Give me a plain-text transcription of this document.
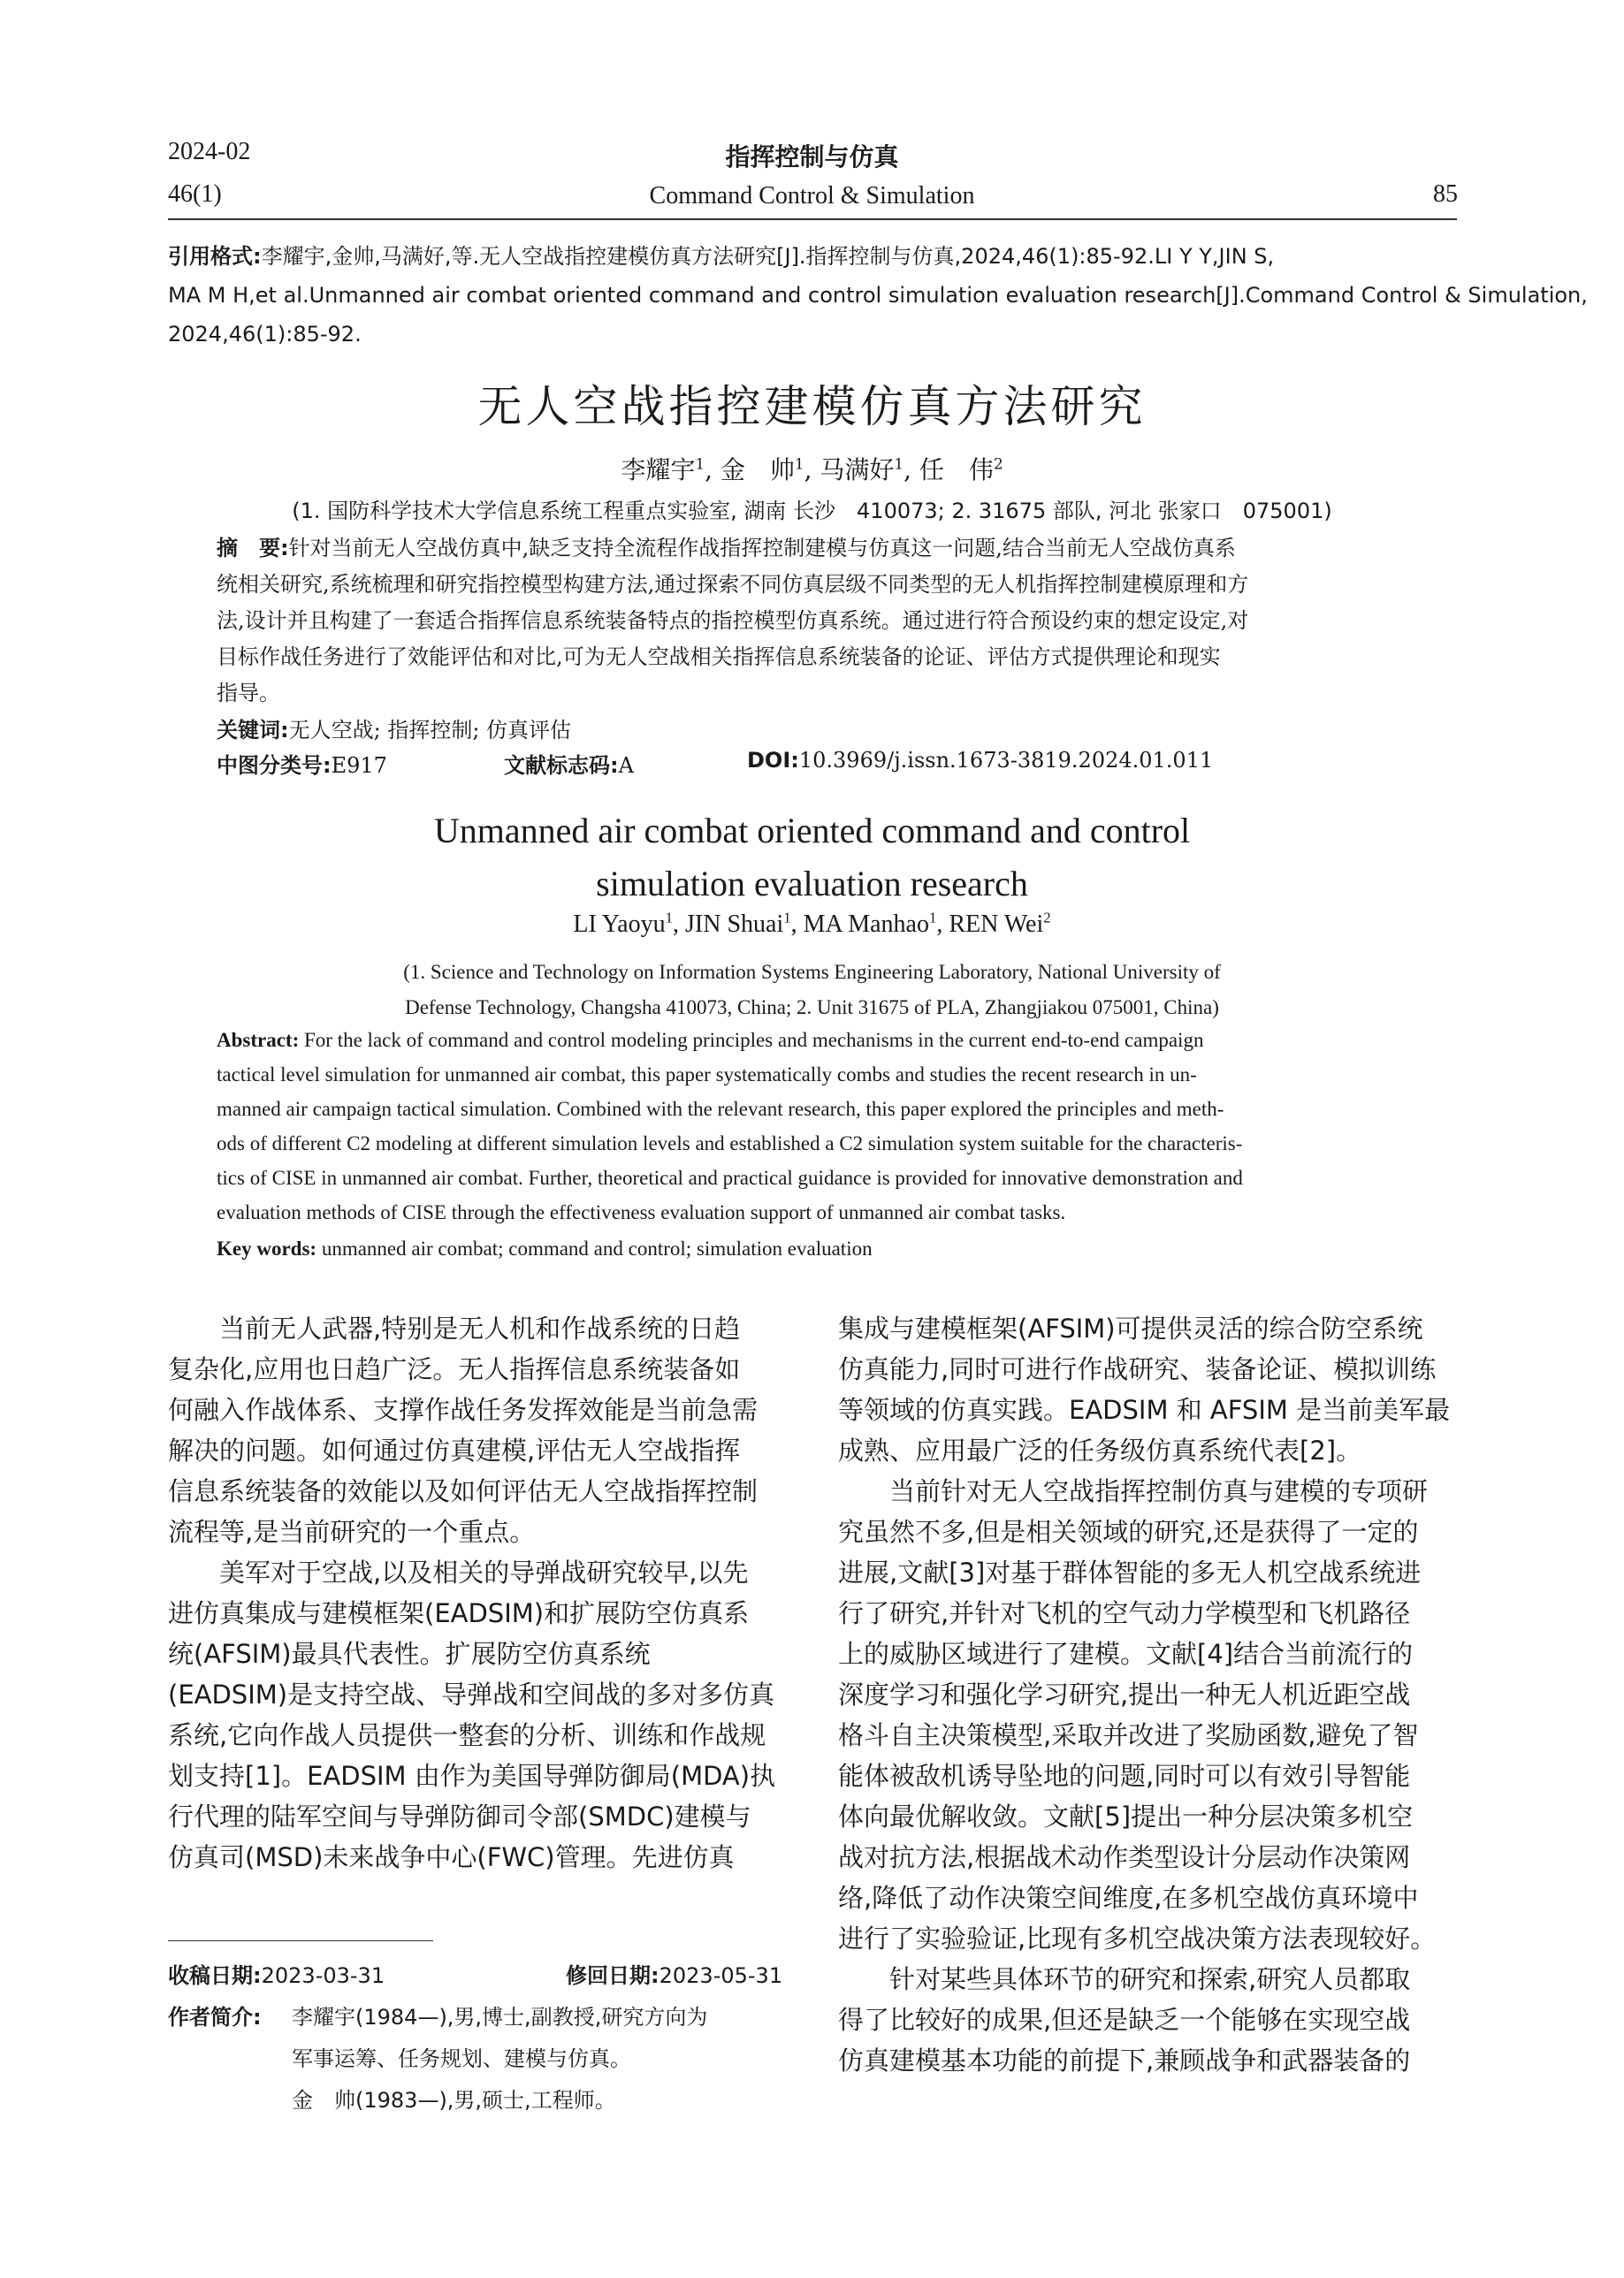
2024-02
46(1)
指挥控制与仿真
Command Control & Simulation	85
引用格式:李耀宇,金帅,马满好,等.无人空战指控建模仿真方法研究[J].指挥控制与仿真,2024,46(1):85-92.LI Y Y,JIN S,
MA M H,et al.Unmanned air combat oriented command and control simulation evaluation research[J].Command Control & Simulation,
2024,46(1):85-92.
无人空战指控建模仿真方法研究
李耀宇$^1$, 金　帅$^1$, 马满好$^1$, 任　伟$^2$
(1. 国防科学技术大学信息系统工程重点实验室, 湖南 长沙　410073; 2. 31675 部队, 河北 张家口　075001)
摘　要:针对当前无人空战仿真中,缺乏支持全流程作战指挥控制建模与仿真这一问题,结合当前无人空战仿真系
统相关研究,系统梳理和研究指控模型构建方法,通过探索不同仿真层级不同类型的无人机指挥控制建模原理和方
法,设计并且构建了一套适合指挥信息系统装备特点的指控模型仿真系统。通过进行符合预设约束的想定设定,对
目标作战任务进行了效能评估和对比,可为无人空战相关指挥信息系统装备的论证、评估方式提供理论和现实
指导。
关键词:无人空战; 指挥控制; 仿真评估
中图分类号:E917	文献标志码:A	DOI:10.3969/j.issn.1673-3819.2024.01.011
Unmanned air combat oriented command and control
simulation evaluation research
LI Yaoyu$^1$, JIN Shuai$^1$, MA Manhao$^1$, REN Wei$^2$
(1. Science and Technology on Information Systems Engineering Laboratory, National University of
Defense Technology, Changsha 410073, China; 2. Unit 31675 of PLA, Zhangjiakou 075001, China)
Abstract: For the lack of command and control modeling principles and mechanisms in the current end-to-end campaign
tactical level simulation for unmanned air combat, this paper systematically combs and studies the recent research in un-
manned air campaign tactical simulation. Combined with the relevant research, this paper explored the principles and meth-
ods of different C2 modeling at different simulation levels and established a C2 simulation system suitable for the characteris-
tics of CISE in unmanned air combat. Further, theoretical and practical guidance is provided for innovative demonstration and
evaluation methods of CISE through the effectiveness evaluation support of unmanned air combat tasks.
Key words: unmanned air combat; command and control; simulation evaluation
　　当前无人武器,特别是无人机和作战系统的日趋
复杂化,应用也日趋广泛。无人指挥信息系统装备如
何融入作战体系、支撑作战任务发挥效能是当前急需
解决的问题。如何通过仿真建模,评估无人空战指挥
信息系统装备的效能以及如何评估无人空战指挥控制
流程等,是当前研究的一个重点。
　　美军对于空战,以及相关的导弹战研究较早,以先
进仿真集成与建模框架(EADSIM)和扩展防空仿真系
统(AFSIM)最具代表性。扩展防空仿真系统
(EADSIM)是支持空战、导弹战和空间战的多对多仿真
系统,它向作战人员提供一整套的分析、训练和作战规
划支持[1]。EADSIM 由作为美国导弹防御局(MDA)执
行代理的陆军空间与导弹防御司令部(SMDC)建模与
仿真司(MSD)未来战争中心(FWC)管理。先进仿真
集成与建模框架(AFSIM)可提供灵活的综合防空系统
仿真能力,同时可进行作战研究、装备论证、模拟训练
等领域的仿真实践。EADSIM 和 AFSIM 是当前美军最
成熟、应用最广泛的任务级仿真系统代表[2]。
　　当前针对无人空战指挥控制仿真与建模的专项研
究虽然不多,但是相关领域的研究,还是获得了一定的
进展,文献[3]对基于群体智能的多无人机空战系统进
行了研究,并针对飞机的空气动力学模型和飞机路径
上的威胁区域进行了建模。文献[4]结合当前流行的
深度学习和强化学习研究,提出一种无人机近距空战
格斗自主决策模型,采取并改进了奖励函数,避免了智
能体被敌机诱导坠地的问题,同时可以有效引导智能
体向最优解收敛。文献[5]提出一种分层决策多机空
战对抗方法,根据战术动作类型设计分层动作决策网
络,降低了动作决策空间维度,在多机空战仿真环境中
进行了实验验证,比现有多机空战决策方法表现较好。
　　针对某些具体环节的研究和探索,研究人员都取
得了比较好的成果,但还是缺乏一个能够在实现空战
仿真建模基本功能的前提下,兼顾战争和武器装备的
收稿日期:2023-03-31	修回日期:2023-05-31
作者简介: 李耀宇(1984—),男,博士,副教授,研究方向为
军事运筹、任务规划、建模与仿真。
金　帅(1983—),男,硕士,工程师。
